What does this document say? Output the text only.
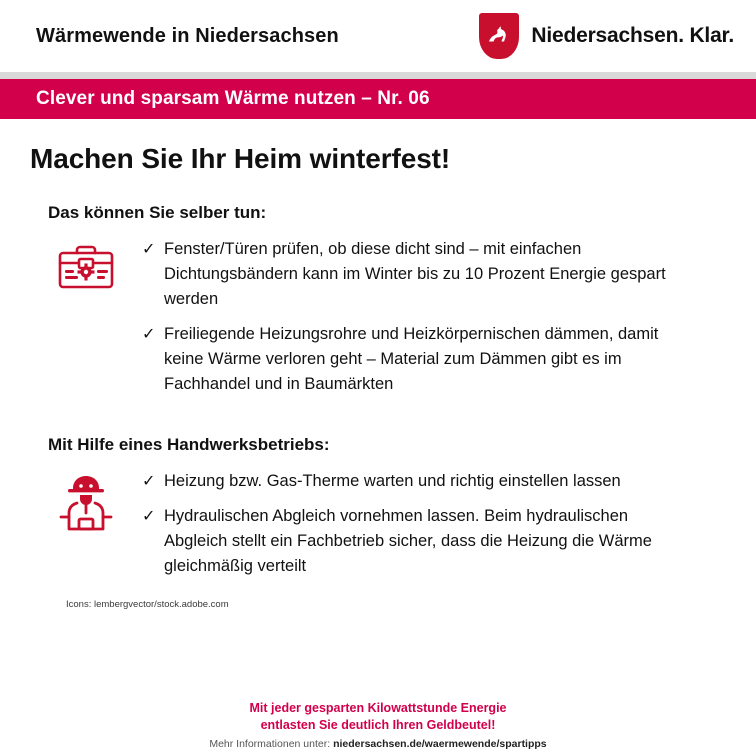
Wärmewende in Niedersachsen	Niedersachsen. Klar.
Clever und sparsam Wärme nutzen – Nr. 06
Machen Sie Ihr Heim winterfest!
Das können Sie selber tun:
✓ Fenster/Türen prüfen, ob diese dicht sind – mit einfachen Dichtungsbändern kann im Winter bis zu 10 Prozent Energie gespart werden
✓ Freiliegende Heizungsrohre und Heizkörpernischen dämmen, damit keine Wärme verloren geht – Material zum Dämmen gibt es im Fachhandel und in Baumärkten
Mit Hilfe eines Handwerksbetriebs:
✓ Heizung bzw. Gas-Therme warten und richtig einstellen lassen
✓ Hydraulischen Abgleich vornehmen lassen. Beim hydraulischen Abgleich stellt ein Fachbetrieb sicher, dass die Heizung die Wärme gleichmäßig verteilt
Icons: lembergvector/stock.adobe.com
Mit jeder gesparten Kilowattstunde Energie
entlasten Sie deutlich Ihren Geldbeutel!
Mehr Informationen unter: niedersachsen.de/waermewende/spartipps
